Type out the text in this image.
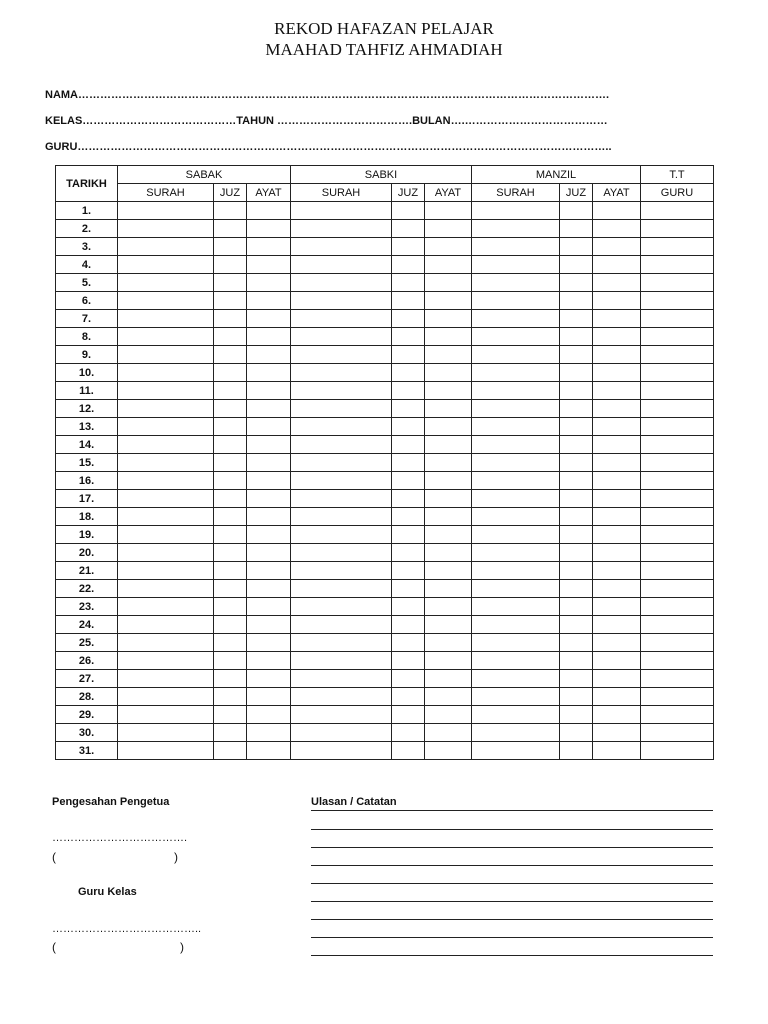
REKOD HAFAZAN PELAJAR
MAAHAD TAHFIZ AHMADIAH
NAMA……………………………………………………………………………………………………………………………….
KELAS……………………………………TAHUN ……………………………….BULAN….…………………………………
GURU………………………………………………………………………………………………………………………………..
TARIKH	SABAK			SABKI			MANZIL			T.T
	SURAH	JUZ	AYAT	SURAH	JUZ	AYAT	SURAH	JUZ	AYAT	GURU
1.										
2.										
3.										
4.										
5.										
6.										
7.										
8.										
9.										
10.										
11.										
12.										
13.										
14.										
15.										
16.										
17.										
18.										
19.										
20.										
21.										
22.										
23.										
24.										
25.										
26.										
27.										
28.										
29.										
30.										
31.										
Pengesahan Pengetua
……………………………….
(	)
Guru Kelas
…………………………………..
(	)
Ulasan / Catatan
